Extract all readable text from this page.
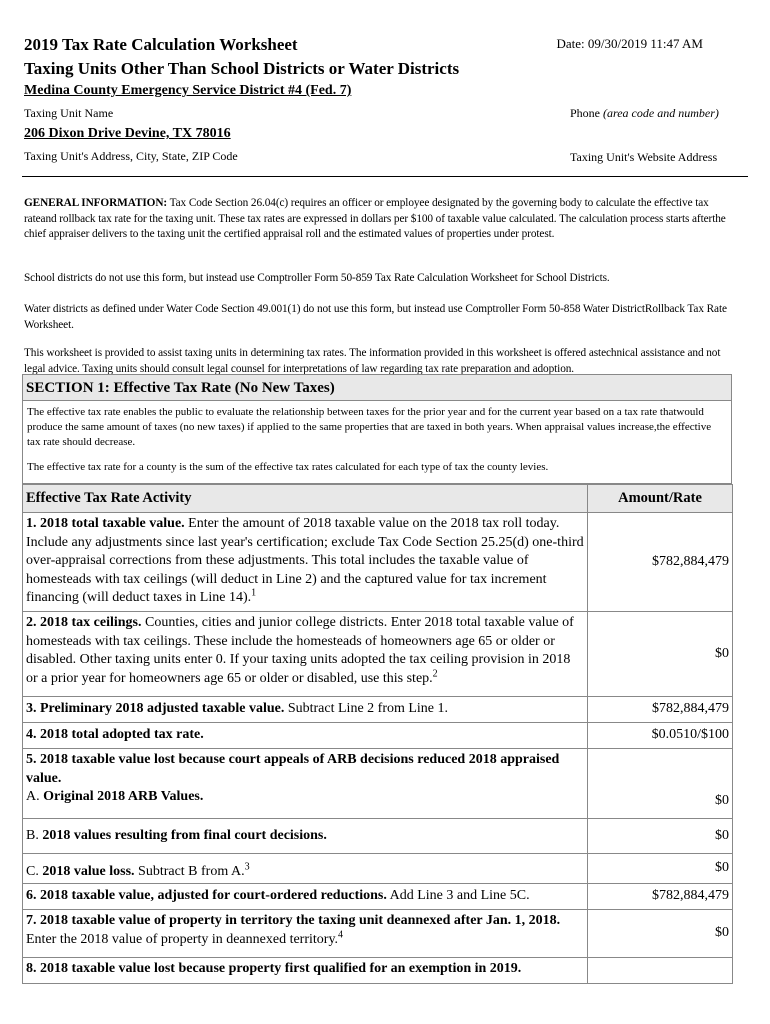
2019 Tax Rate Calculation Worksheet	Date: 09/30/2019 11:47 AM
Taxing Units Other Than School Districts or Water Districts
Medina County Emergency Service District #4 (Fed. 7)
Taxing Unit Name	Phone (area code and number)
206 Dixon Drive Devine, TX 78016
Taxing Unit's Address, City, State, ZIP Code	Taxing Unit's Website Address
GENERAL INFORMATION: Tax Code Section 26.04(c) requires an officer or employee designated by the governing body to calculate the effective tax rateand rollback tax rate for the taxing unit. These tax rates are expressed in dollars per $100 of taxable value calculated. The calculation process starts afterthe chief appraiser delivers to the taxing unit the certified appraisal roll and the estimated values of properties under protest.
School districts do not use this form, but instead use Comptroller Form 50-859 Tax Rate Calculation Worksheet for School Districts.
Water districts as defined under Water Code Section 49.001(1) do not use this form, but instead use Comptroller Form 50-858 Water DistrictRollback Tax Rate Worksheet.
This worksheet is provided to assist taxing units in determining tax rates. The information provided in this worksheet is offered astechnical assistance and not legal advice. Taxing units should consult legal counsel for interpretations of law regarding tax rate preparation and adoption.
SECTION 1: Effective Tax Rate (No New Taxes)
The effective tax rate enables the public to evaluate the relationship between taxes for the prior year and for the current year based on a tax rate thatwould produce the same amount of taxes (no new taxes) if applied to the same properties that are taxed in both years. When appraisal values increase,the effective tax rate should decrease.
The effective tax rate for a county is the sum of the effective tax rates calculated for each type of tax the county levies.
Effective Tax Rate Activity	Amount/Rate
1. 2018 total taxable value. Enter the amount of 2018 taxable value on the 2018 tax roll today. Include any adjustments since last year's certification; exclude Tax Code Section 25.25(d) one-third over-appraisal corrections from these adjustments. This total includes the taxable value of homesteads with tax ceilings (will deduct in Line 2) and the captured value for tax increment financing (will deduct taxes in Line 14).$^1$	$782,884,479
2. 2018 tax ceilings. Counties, cities and junior college districts. Enter 2018 total taxable value of homesteads with tax ceilings. These include the homesteads of homeowners age 65 or older or disabled. Other taxing units enter 0. If your taxing units adopted the tax ceiling provision in 2018 or a prior year for homeowners age 65 or older or disabled, use this step.$^2$	$0
3. Preliminary 2018 adjusted taxable value. Subtract Line 2 from Line 1.	$782,884,479
4. 2018 total adopted tax rate.	$0.0510/$100
5. 2018 taxable value lost because court appeals of ARB decisions reduced 2018 appraised value.
A. Original 2018 ARB Values.	$0
B. 2018 values resulting from final court decisions.	$0
C. 2018 value loss. Subtract B from A.$^3$	$0
6. 2018 taxable value, adjusted for court-ordered reductions. Add Line 3 and Line 5C.	$782,884,479
7. 2018 taxable value of property in territory the taxing unit deannexed after Jan. 1, 2018. Enter the 2018 value of property in deannexed territory.$^4$	$0
8. 2018 taxable value lost because property first qualified for an exemption in 2019.	
